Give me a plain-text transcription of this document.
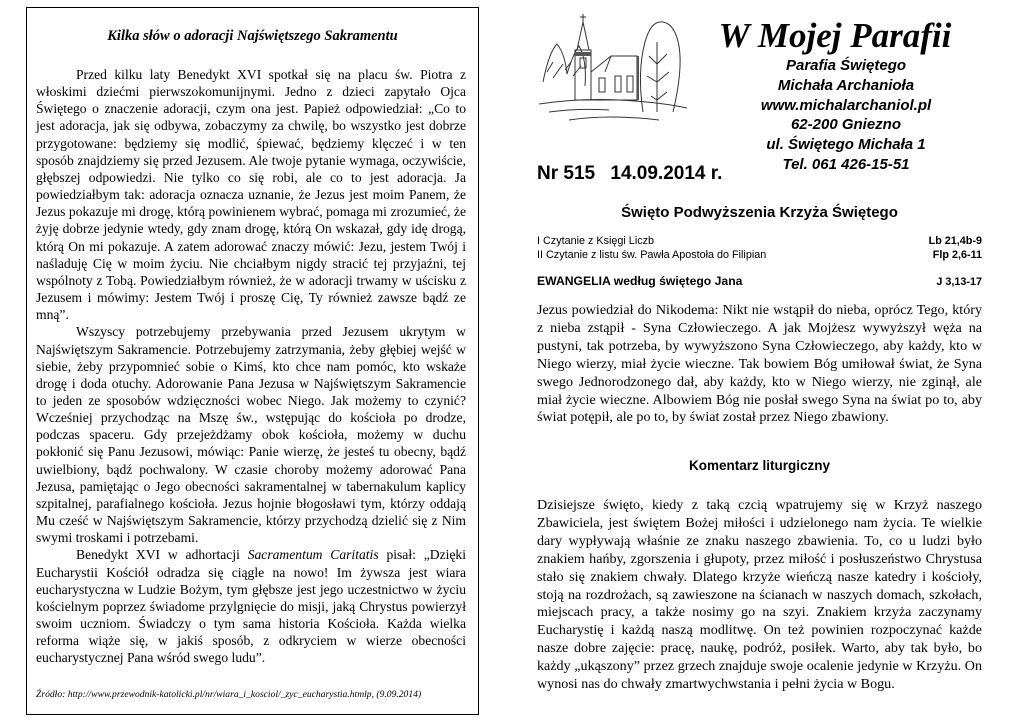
Kilka słów o adoracji Najświętszego Sakramentu

Przed kilku laty Benedykt XVI spotkał się na placu św. Piotra z włoskimi dziećmi pierwszokomunijnymi. Jedno z dzieci zapytało Ojca Świętego o znaczenie adoracji, czym ona jest. Papież odpowiedział: „Co to jest adoracja, jak się odbywa, zobaczymy za chwilę, bo wszystko jest dobrze przygotowane: będziemy się modlić, śpiewać, będziemy klęczeć i w ten sposób znajdziemy się przed Jezusem. Ale twoje pytanie wymaga, oczywiście, głębszej odpowiedzi. Nie tylko co się robi, ale co to jest adoracja. Ja powiedziałbym tak: adoracja oznacza uznanie, że Jezus jest moim Panem, że Jezus pokazuje mi drogę, którą powinienem wybrać, pomaga mi zrozumieć, że żyję dobrze jedynie wtedy, gdy znam drogę, którą On wskazał, gdy idę drogą, którą On mi pokazuje. A zatem adorować znaczy mówić: Jezu, jestem Twój i naśladuję Cię w moim życiu. Nie chciałbym nigdy stracić tej przyjaźni, tej wspólnoty z Tobą. Powiedziałbym również, że w adoracji trwamy w uścisku z Jezusem i mówimy: Jestem Twój i proszę Cię, Ty również zawsze bądź ze mną”.

Wszyscy potrzebujemy przebywania przed Jezusem ukrytym w Najświętszym Sakramencie. Potrzebujemy zatrzymania, żeby głębiej wejść w siebie, żeby przypomnieć sobie o Kimś, kto chce nam pomóc, kto wskaże drogę i doda otuchy. Adorowanie Pana Jezusa w Najświętszym Sakramencie to jeden ze sposobów wdzięczności wobec Niego. Jak możemy to czynić? Wcześniej przychodząc na Mszę św., wstępując do kościoła po drodze, podczas spaceru. Gdy przejeżdżamy obok kościoła, możemy w duchu pokłonić się Panu Jezusowi, mówiąc: Panie wierzę, że jesteś tu obecny, bądź uwielbiony, bądź pochwalony. W czasie choroby możemy adorować Pana Jezusa, pamiętając o Jego obecności sakramentalnej w tabernakulum kaplicy szpitalnej, parafialnego kościoła. Jezus hojnie błogosławi tym, którzy oddają Mu cześć w Najświętszym Sakramencie, którzy przychodzą dzielić się z Nim swymi troskami i potrzebami.

Benedykt XVI w adhortacji Sacramentum Caritatis pisał: „Dzięki Eucharystii Kościół odradza się ciągle na nowo! Im żywsza jest wiara eucharystyczna w Ludzie Bożym, tym głębsze jest jego uczestnictwo w życiu kościelnym poprzez świadome przylgnięcie do misji, jaką Chrystus powierzył swoim uczniom. Świadczy o tym sama historia Kościoła. Każda wielka reforma wiąże się, w jakiś sposób, z odkryciem w wierze obecności eucharystycznej Pana wśród swego ludu”.

Źródło: http://www.przewodnik-katolicki.pl/nr/wiara_i_kosciol/_zyc_eucharystia.htmlp, (9.09.2014)
W Mojej Parafii
Parafia Świętego
Michała Archanioła
www.michalarchaniol.pl
62-200 Gniezno
ul. Świętego Michała 1
Tel. 061 426-15-51
Nr 515 14.09.2014 r.
Święto Podwyższenia Krzyża Świętego
I Czytanie z Księgi Liczb	Lb 21,4b-9
II Czytanie z listu św. Pawła Apostoła do Filipian	Flp 2,6-11
EWANGELIA według świętego Jana	J 3,13-17

Jezus powiedział do Nikodema: Nikt nie wstąpił do nieba, oprócz Tego, który z nieba zstąpił - Syna Człowieczego. A jak Mojżesz wywyższył węża na pustyni, tak potrzeba, by wywyższono Syna Człowieczego, aby każdy, kto w Niego wierzy, miał życie wieczne. Tak bowiem Bóg umiłował świat, że Syna swego Jednorodzonego dał, aby każdy, kto w Niego wierzy, nie zginął, ale miał życie wieczne. Albowiem Bóg nie posłał swego Syna na świat po to, aby świat potępił, ale po to, by świat został przez Niego zbawiony.

Komentarz liturgiczny

Dzisiejsze święto, kiedy z taką czcią wpatrujemy się w Krzyż naszego Zbawiciela, jest świętem Bożej miłości i udzielonego nam życia. Te wielkie dary wypływają właśnie ze znaku naszego zbawienia. To, co u ludzi było znakiem hańby, zgorszenia i głupoty, przez miłość i posłuszeństwo Chrystusa stało się znakiem chwały. Dlatego krzyże wieńczą nasze katedry i kościoły, stoją na rozdrożach, są zawieszone na ścianach w naszych domach, szkołach, miejscach pracy, a także nosimy go na szyi. Znakiem krzyża zaczynamy Eucharystię i każdą naszą modlitwę. On też powinien rozpoczynać każde nasze dobre zajęcie: pracę, naukę, podróż, posiłek. Warto, aby tak było, bo każdy „ukąszony” przez grzech znajduje swoje ocalenie jedynie w Krzyżu. On wynosi nas do chwały zmartwychwstania i pełni życia w Bogu.
